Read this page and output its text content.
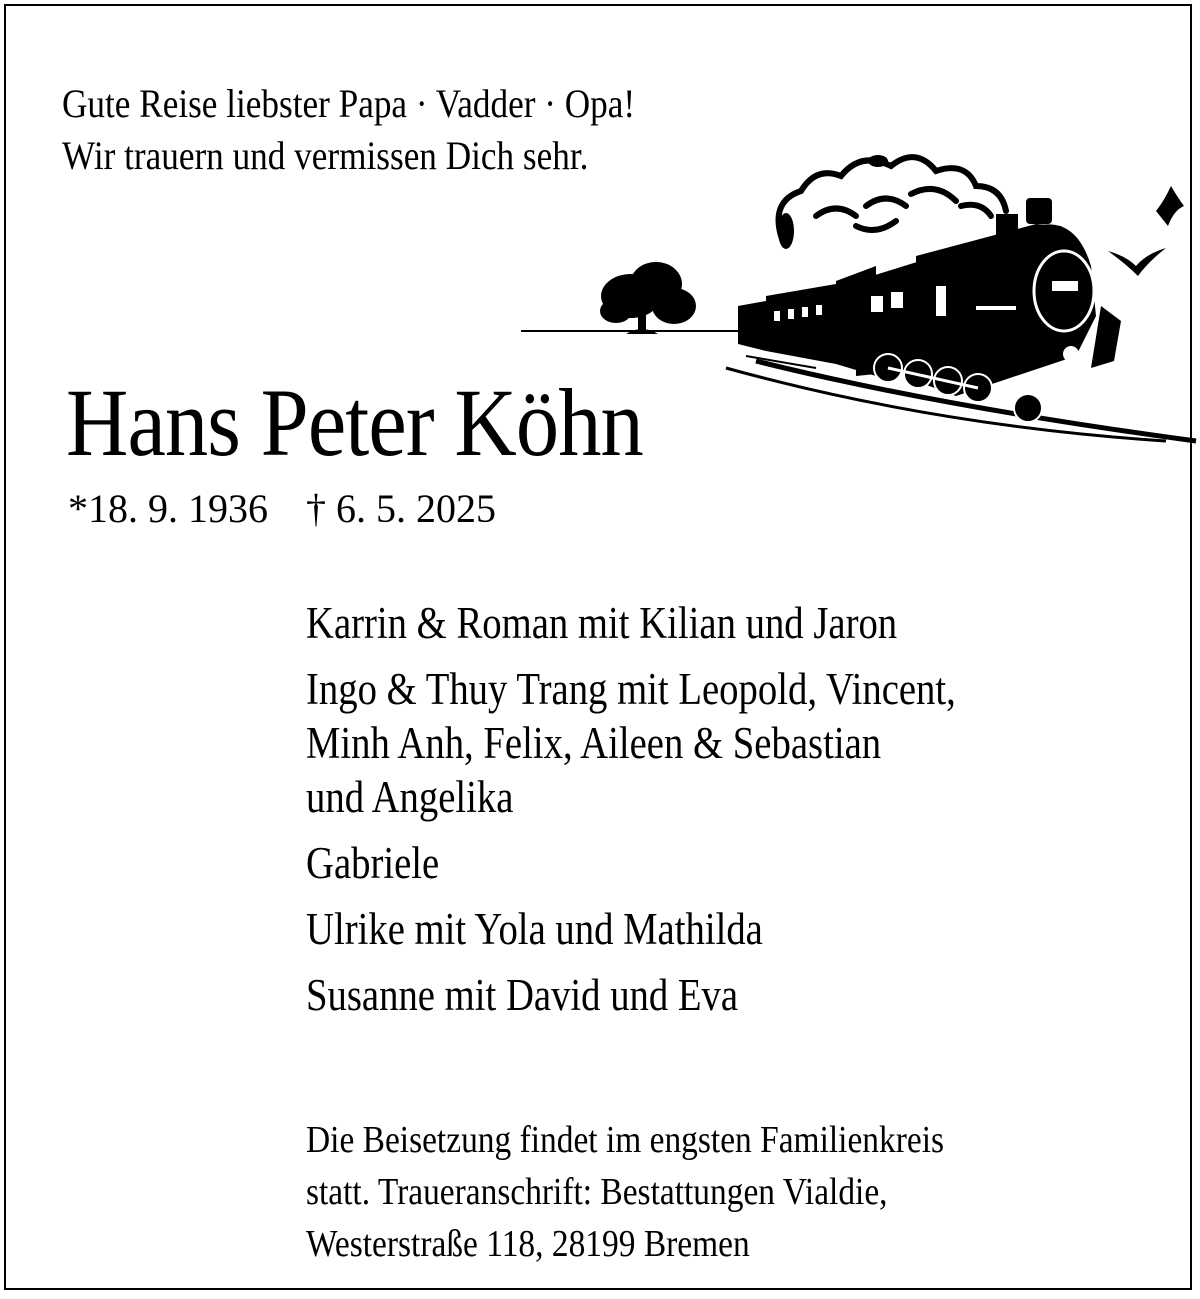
Gute Reise liebster Papa · Vadder · Opa!
Wir trauern und vermissen Dich sehr.
Hans Peter Köhn
*18. 9. 1936 † 6. 5. 2025
Karrin & Roman mit Kilian und Jaron
Ingo & Thuy Trang mit Leopold, Vincent,
Minh Anh, Felix, Aileen & Sebastian
und Angelika
Gabriele
Ulrike mit Yola und Mathilda
Susanne mit David und Eva
Die Beisetzung findet im engsten Familienkreis
statt. Traueranschrift: Bestattungen Vialdie,
Westerstraße 118, 28199 Bremen
